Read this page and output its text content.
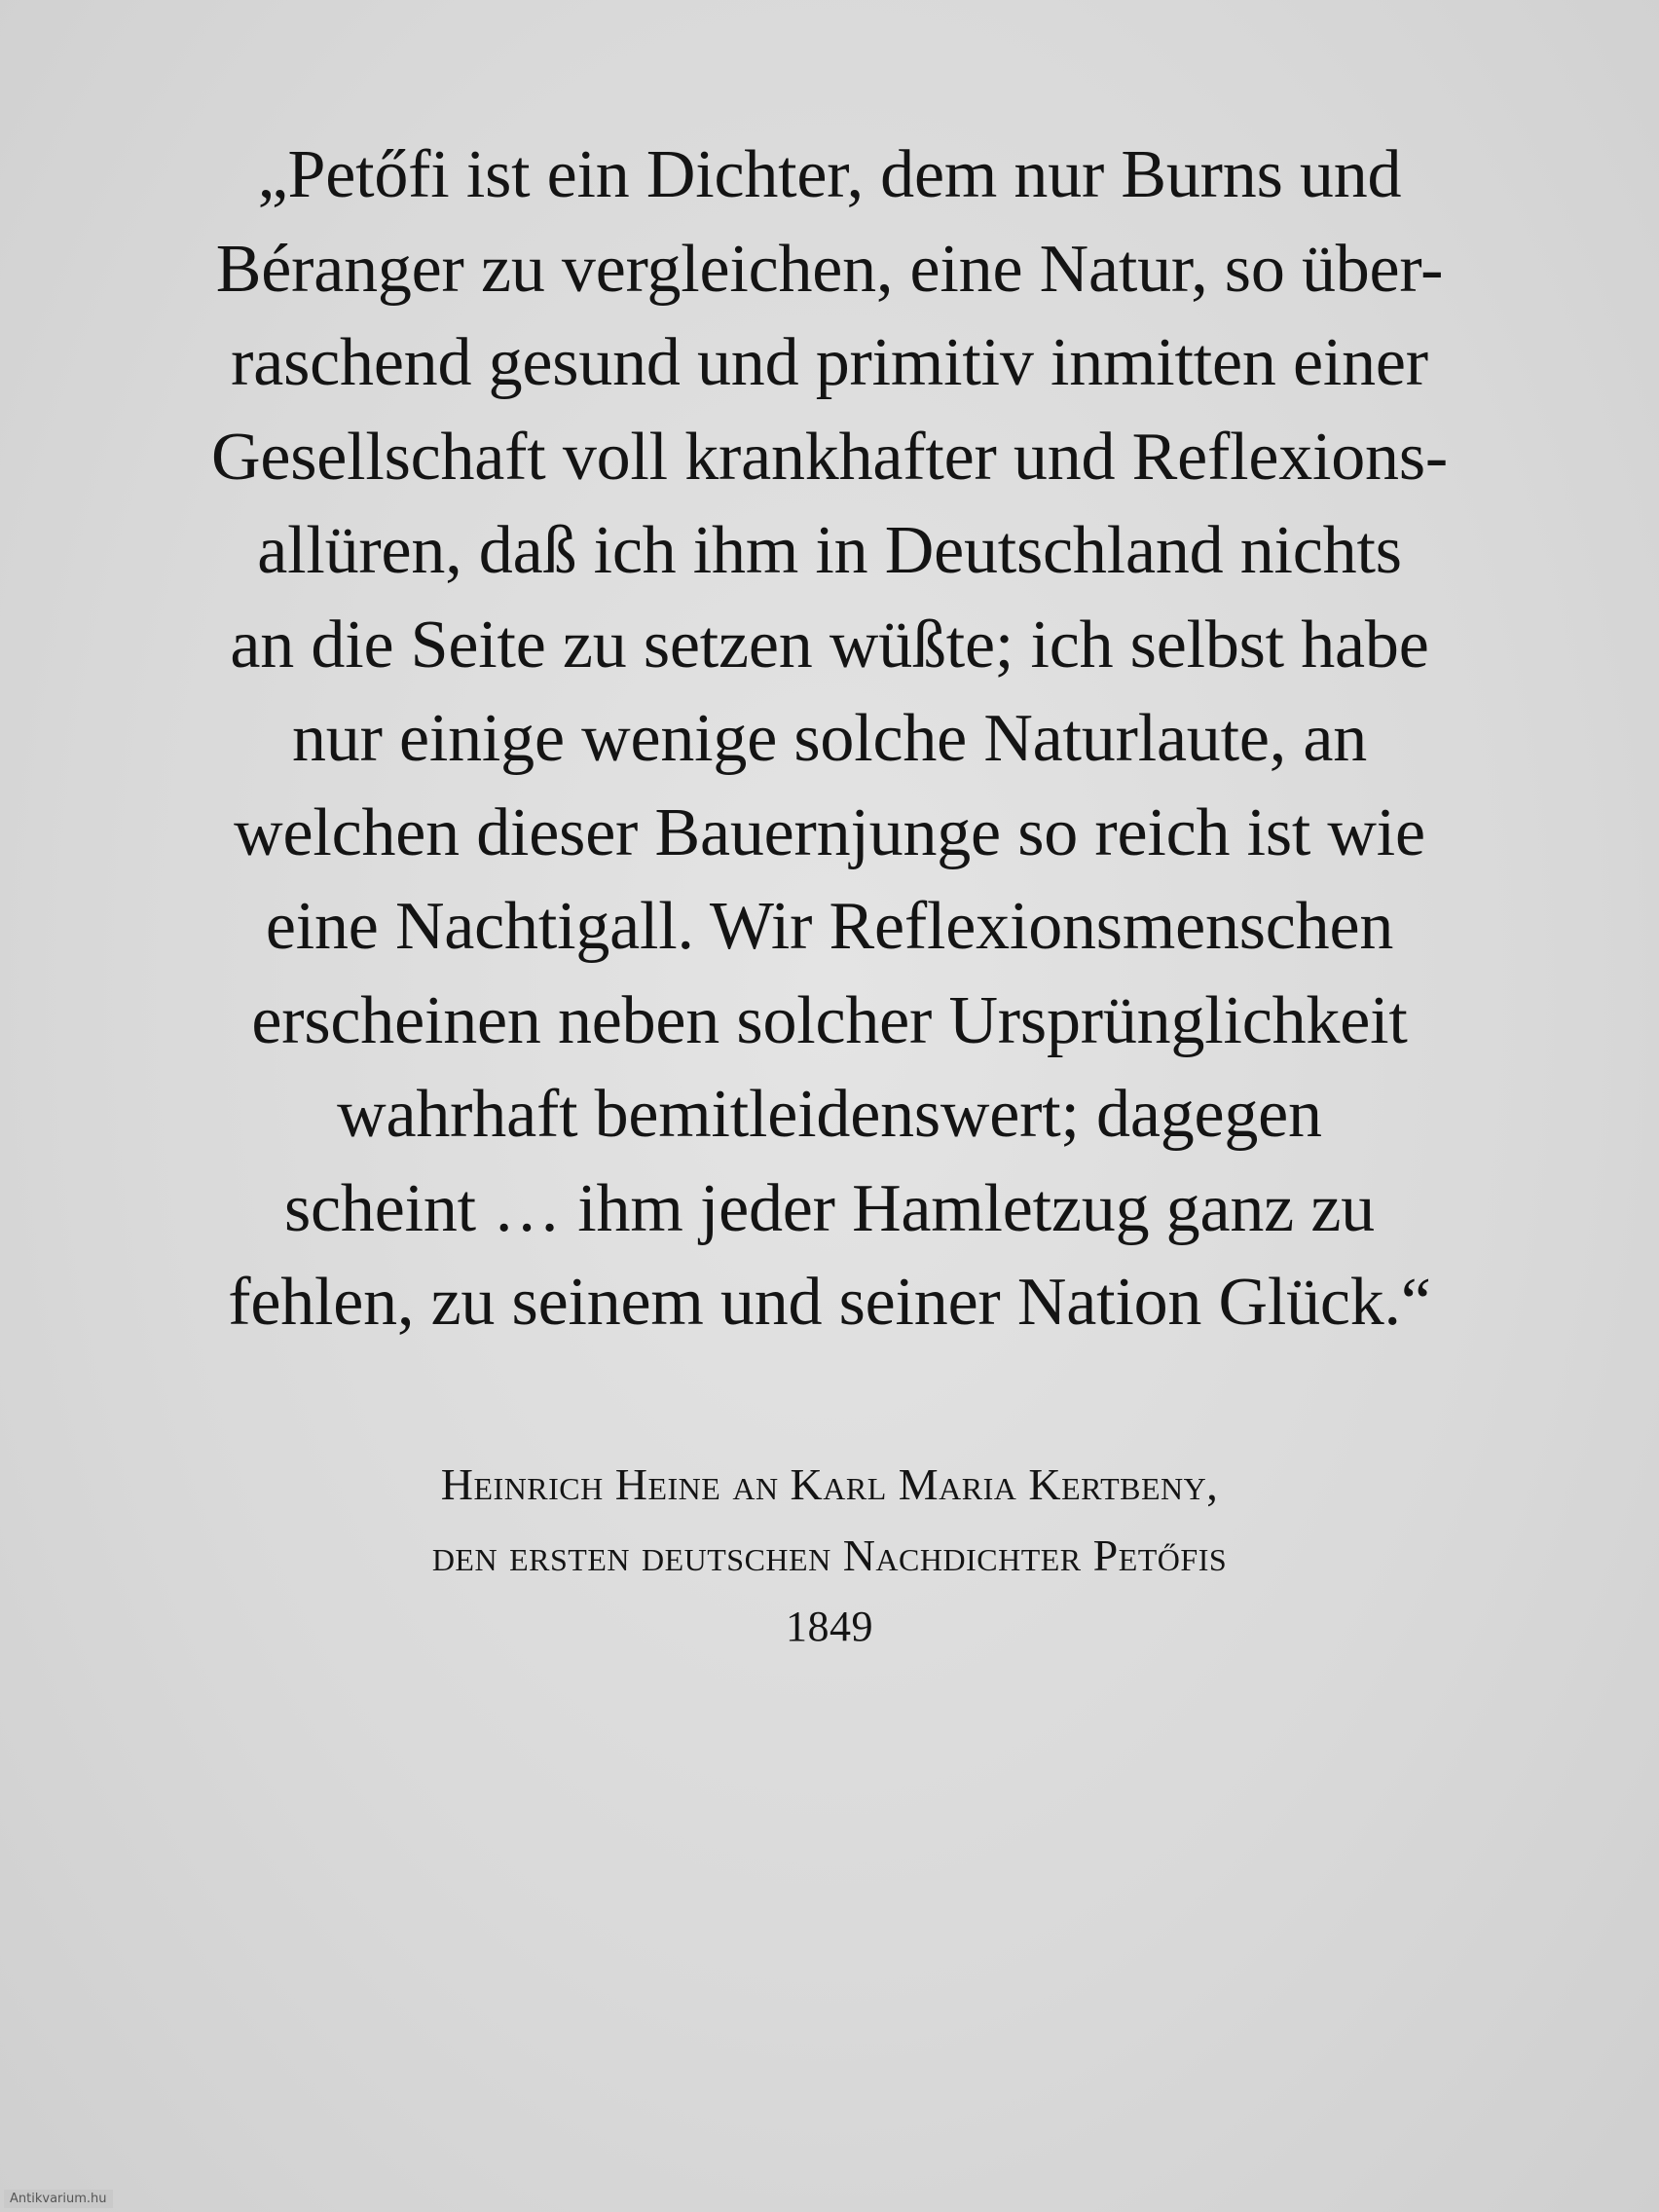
„Petőfi ist ein Dichter, dem nur Burns und
Béranger zu vergleichen, eine Natur, so über-
raschend gesund und primitiv inmitten einer
Gesellschaft voll krankhafter und Reflexions-
allüren, daß ich ihm in Deutschland nichts
an die Seite zu setzen wüßte; ich selbst habe
nur einige wenige solche Naturlaute, an
welchen dieser Bauernjunge so reich ist wie
eine Nachtigall. Wir Reflexionsmenschen
erscheinen neben solcher Ursprünglichkeit
wahrhaft bemitleidenswert; dagegen
scheint … ihm jeder Hamletzug ganz zu
fehlen, zu seinem und seiner Nation Glück.“
Heinrich Heine an Karl Maria Kertbeny,
den ersten deutschen Nachdichter Petőfis
1849
Antikvarium.hu
